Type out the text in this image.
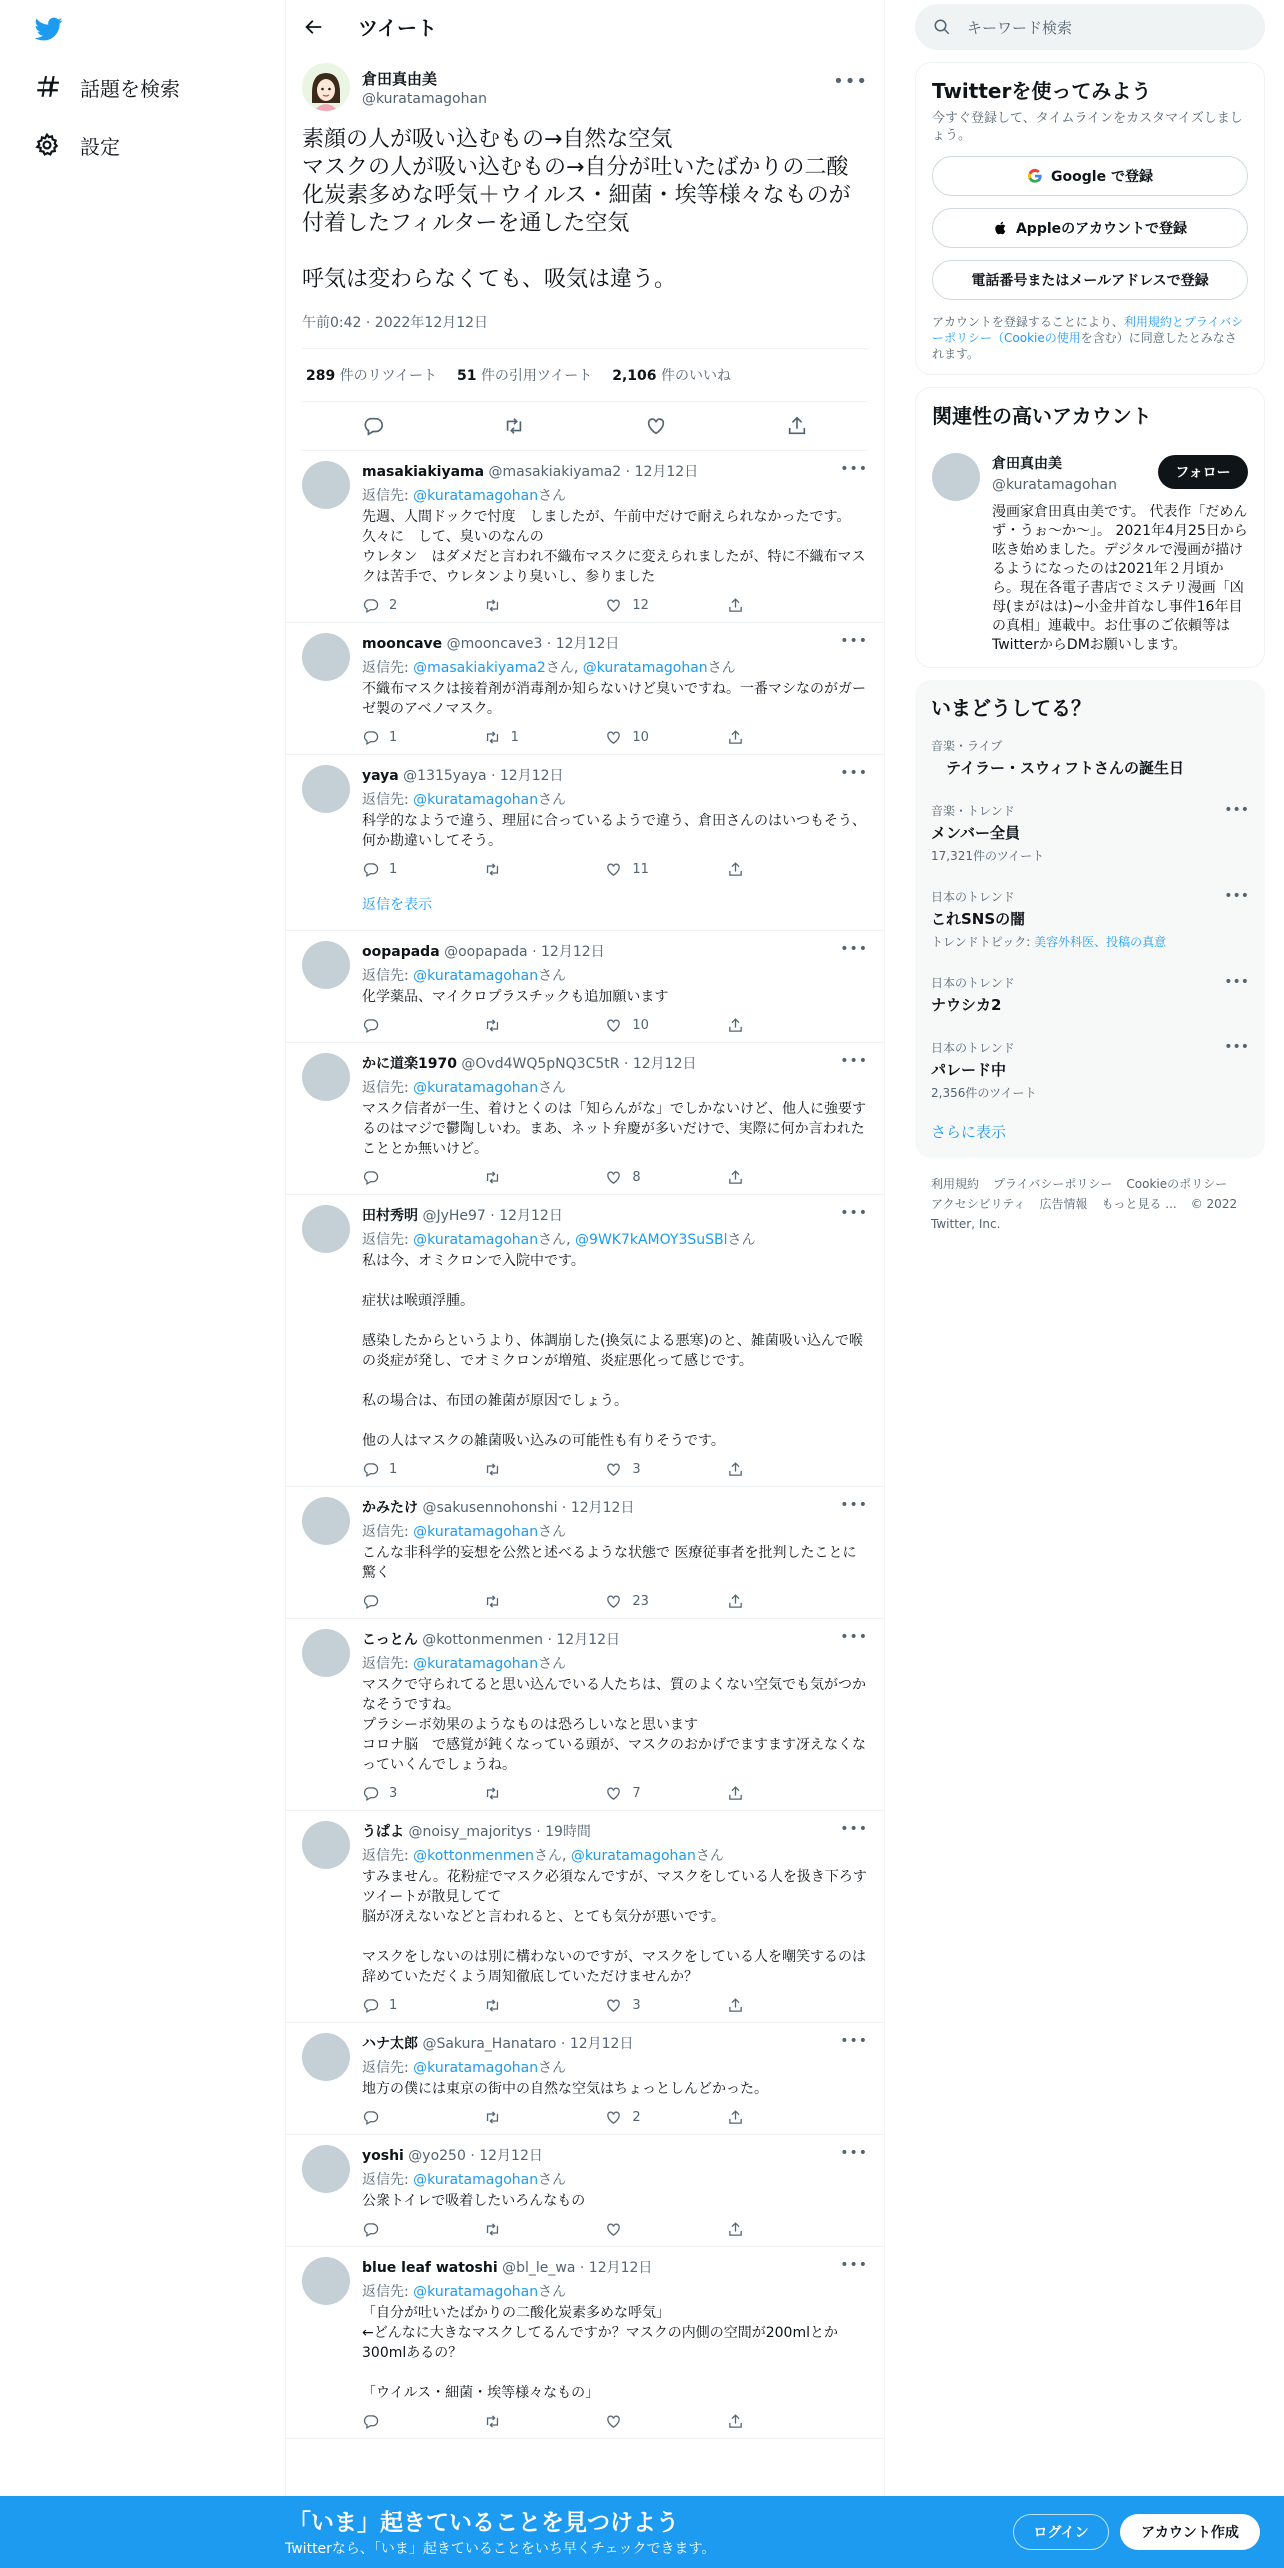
話題を検索
設定
ツイート
倉田真由美
@kuratamagohan
•••
素顔の人が吸い込むもの→自然な空気
マスクの人が吸い込むもの→自分が吐いたばかりの二酸化炭素多めな呼気＋ウイルス・細菌・埃等様々なものが付着したフィルターを通した空気

呼気は変わらなくても、吸気は違う。
午前0:42 · 2022年12月12日
289 件のリツイート 51 件の引用ツイート 2,106 件のいいね
masakiakiyama @masakiakiyama2 · 12月12日
返信先: @kuratamagohanさん
先週、人間ドックで忖度　しましたが、午前中だけで耐えられなかったです。久々に　して、臭いのなんの
ウレタン　はダメだと言われ不織布マスクに変えられましたが、特に不織布マスクは苦手で、ウレタンより臭いし、参りました
2	12
•••
mooncave @mooncave3 · 12月12日
返信先: @masakiakiyama2さん, @kuratamagohanさん
不織布マスクは接着剤が消毒剤か知らないけど臭いですね。一番マシなのがガーゼ製のアベノマスク。
1	1	10
•••
yaya @1315yaya · 12月12日
返信先: @kuratamagohanさん
科学的なようで違う、理屈に合っているようで違う、倉田さんのはいつもそう、何か勘違いしてそう。
1	11
•••
返信を表示
oopapada @oopapada · 12月12日
返信先: @kuratamagohanさん
化学薬品、マイクロプラスチックも追加願います
10
•••
かに道楽1970 @Ovd4WQ5pNQ3C5tR · 12月12日
返信先: @kuratamagohanさん
マスク信者が一生、着けとくのは「知らんがな」でしかないけど、他人に強要するのはマジで鬱陶しいわ。まあ、ネット弁慶が多いだけで、実際に何か言われたこととか無いけど。
8
•••
田村秀明 @JyHe97 · 12月12日
返信先: @kuratamagohanさん, @9WK7kAMOY3SuSBlさん
私は今、オミクロンで入院中です。

症状は喉頭浮腫。

感染したからというより、体調崩した(換気による悪寒)のと、雑菌吸い込んで喉の炎症が発し、でオミクロンが増殖、炎症悪化って感じです。

私の場合は、布団の雑菌が原因でしょう。

他の人はマスクの雑菌吸い込みの可能性も有りそうです。
1	3
•••
かみたけ @sakusennohonshi · 12月12日
返信先: @kuratamagohanさん
こんな非科学的妄想を公然と述べるような状態で 医療従事者を批判したことに驚く
23
•••
こっとん @kottonmenmen · 12月12日
返信先: @kuratamagohanさん
マスクで守られてると思い込んでいる人たちは、質のよくない空気でも気がつかなそうですね。
プラシーボ効果のようなものは恐ろしいなと思います
コロナ脳　で感覚が鈍くなっている頭が、マスクのおかげでますます冴えなくなっていくんでしょうね。
3	7
•••
うぱよ @noisy_majoritys · 19時間
返信先: @kottonmenmenさん, @kuratamagohanさん
すみません。花粉症でマスク必須なんですが、マスクをしている人を扱き下ろすツイートが散見してて
脳が冴えないなどと言われると、とても気分が悪いです。

マスクをしないのは別に構わないのですが、マスクをしている人を嘲笑するのは辞めていただくよう周知徹底していただけませんか？
1	3
•••
ハナ太郎 @Sakura_Hanataro · 12月12日
返信先: @kuratamagohanさん
地方の僕には東京の街中の自然な空気はちょっとしんどかった。
2
•••
yoshi @yo250 · 12月12日
返信先: @kuratamagohanさん
公衆トイレで吸着したいろんなもの
•••
blue leaf watoshi @bl_le_wa · 12月12日
返信先: @kuratamagohanさん
「自分が吐いたばかりの二酸化炭素多めな呼気」
←どんなに大きなマスクしてるんですか？マスクの内側の空間が200mlとか300mlあるの？

「ウイルス・細菌・埃等様々なもの」
•••
キーワード検索
Twitterを使ってみよう
今すぐ登録して、タイムラインをカスタマイズしましょう。
Google で登録
Appleのアカウントで登録
電話番号またはメールアドレスで登録
アカウントを登録することにより、利用規約とプライバシーポリシー（Cookieの使用を含む）に同意したとみなされます。
関連性の高いアカウント
倉田真由美
@kuratamagohan
漫画家倉田真由美です。 代表作「だめんず・うぉ～か～」。 2021年4月25日から呟き始めました。デジタルで漫画が描けるようになったのは2021年２月頃から。現在各電子書店でミステリ漫画「凶母(まがはは)~小金井首なし事件16年目の真相」連載中。お仕事のご依頼等はTwitterからDMお願いします。
フォロー
いまどうしてる？
音楽・ライブ
　テイラー・スウィフトさんの誕生日
音楽・トレンド
メンバー全員
17,321件のツイート
•••
日本のトレンド
これSNSの闇
トレンドトピック: 美容外科医、投稿の真意
•••
日本のトレンド
ナウシカ2
•••
日本のトレンド
パレード中
2,356件のツイート
•••
さらに表示
利用規約 プライバシーポリシー Cookieのポリシーアクセシビリティ 広告情報 もっと見る ... © 2022 Twitter, Inc.
「いま」起きていることを見つけよう
Twitterなら、「いま」起きていることをいち早くチェックできます。
ログイン	アカウント作成
